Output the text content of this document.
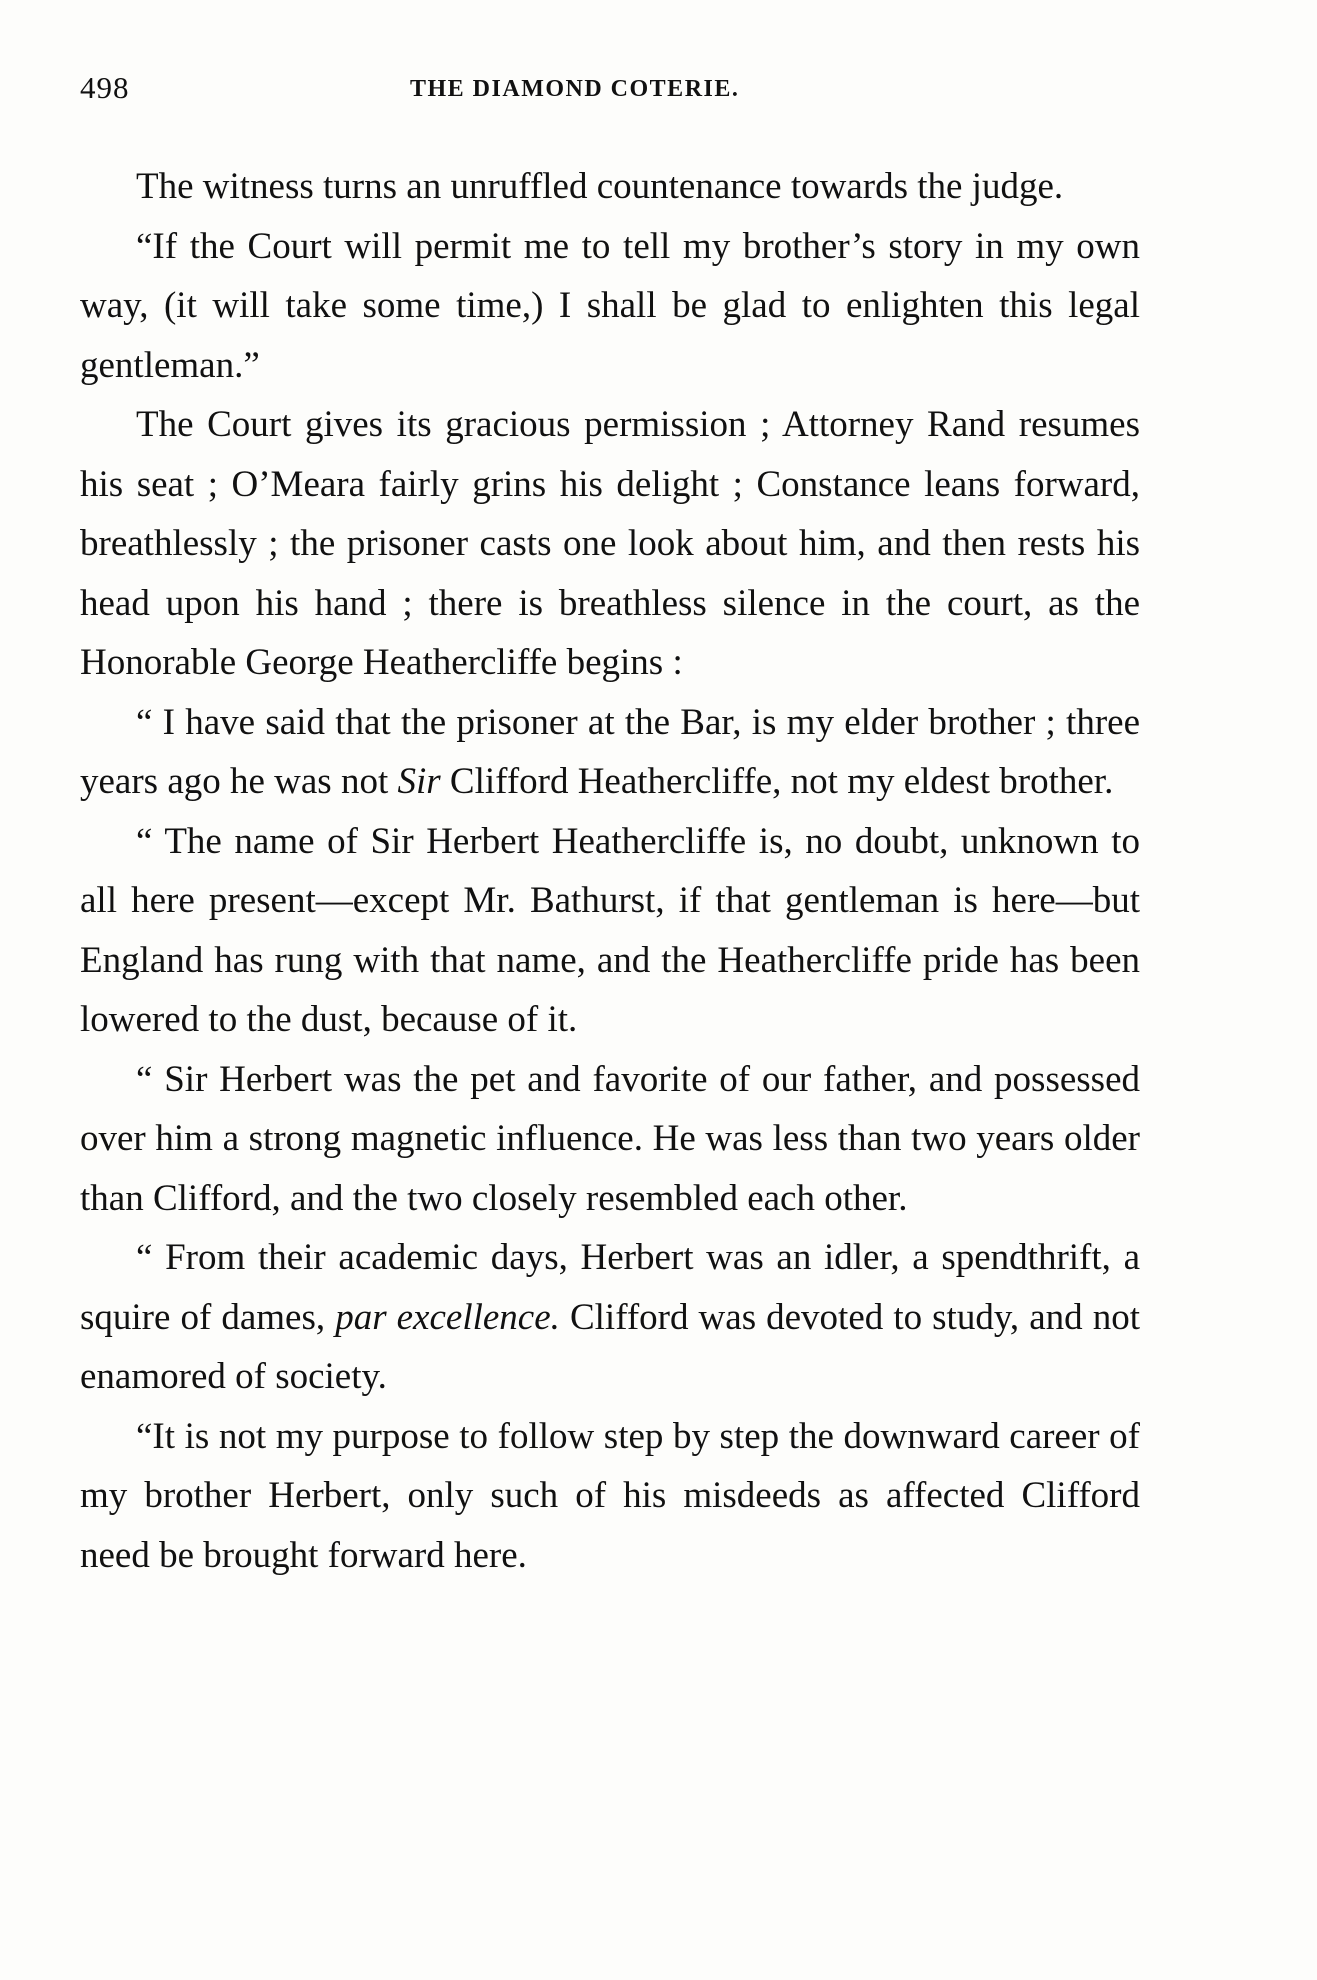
498	THE DIAMOND COTERIE.

The witness turns an unruffled countenance towards the judge.

“If the Court will permit me to tell my brother’s story in my own way, (it will take some time,) I shall be glad to enlighten this legal gentleman.”

The Court gives its gracious permission ; Attorney Rand resumes his seat ; O’Meara fairly grins his delight ; Constance leans forward, breathlessly ; the prisoner casts one look about him, and then rests his head upon his hand ; there is breathless silence in the court, as the Honorable George Heathercliffe begins :

“ I have said that the prisoner at the Bar, is my elder brother ; three years ago he was not Sir Clifford Heathercliffe, not my eldest brother.

“ The name of Sir Herbert Heathercliffe is, no doubt, unknown to all here present—except Mr. Bathurst, if that gentleman is here—but England has rung with that name, and the Heathercliffe pride has been lowered to the dust, because of it.

“ Sir Herbert was the pet and favorite of our father, and possessed over him a strong magnetic influence. He was less than two years older than Clifford, and the two closely resembled each other.

“ From their academic days, Herbert was an idler, a spendthrift, a squire of dames, par excellence. Clifford was devoted to study, and not enamored of society.

“It is not my purpose to follow step by step the downward career of my brother Herbert, only such of his misdeeds as affected Clifford need be brought forward here.
